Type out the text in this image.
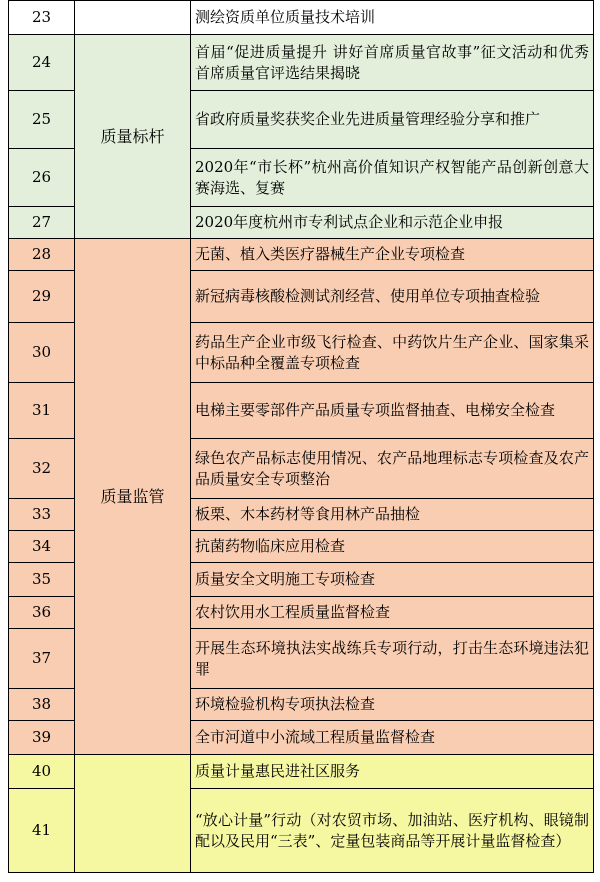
23		测绘资质单位质量技术培训
24	质量标杆	首届“促进质量提升 讲好首席质量官故事”征文活动和优秀首席质量官评选结果揭晓
25		省政府质量奖获奖企业先进质量管理经验分享和推广
26		2020年“市长杯”杭州高价值知识产权智能产品创新创意大赛海选、复赛
27		2020年度杭州市专利试点企业和示范企业申报
28	质量监管	无菌、植入类医疗器械生产企业专项检查
29		新冠病毒核酸检测试剂经营、使用单位专项抽查检验
30		药品生产企业市级飞行检查、中药饮片生产企业、国家集采中标品种全覆盖专项检查
31		电梯主要零部件产品质量专项监督抽查、电梯安全检查
32		绿色农产品标志使用情况、农产品地理标志专项检查及农产品质量安全专项整治
33		板栗、木本药材等食用林产品抽检
34		抗菌药物临床应用检查
35		质量安全文明施工专项检查
36		农村饮用水工程质量监督检查
37		开展生态环境执法实战练兵专项行动，打击生态环境违法犯罪
38		环境检验机构专项执法检查
39		全市河道中小流域工程质量监督检查
40		质量计量惠民进社区服务
41		“放心计量”行动（对农贸市场、加油站、医疗机构、眼镜制配以及民用“三表”、定量包装商品等开展计量监督检查）
